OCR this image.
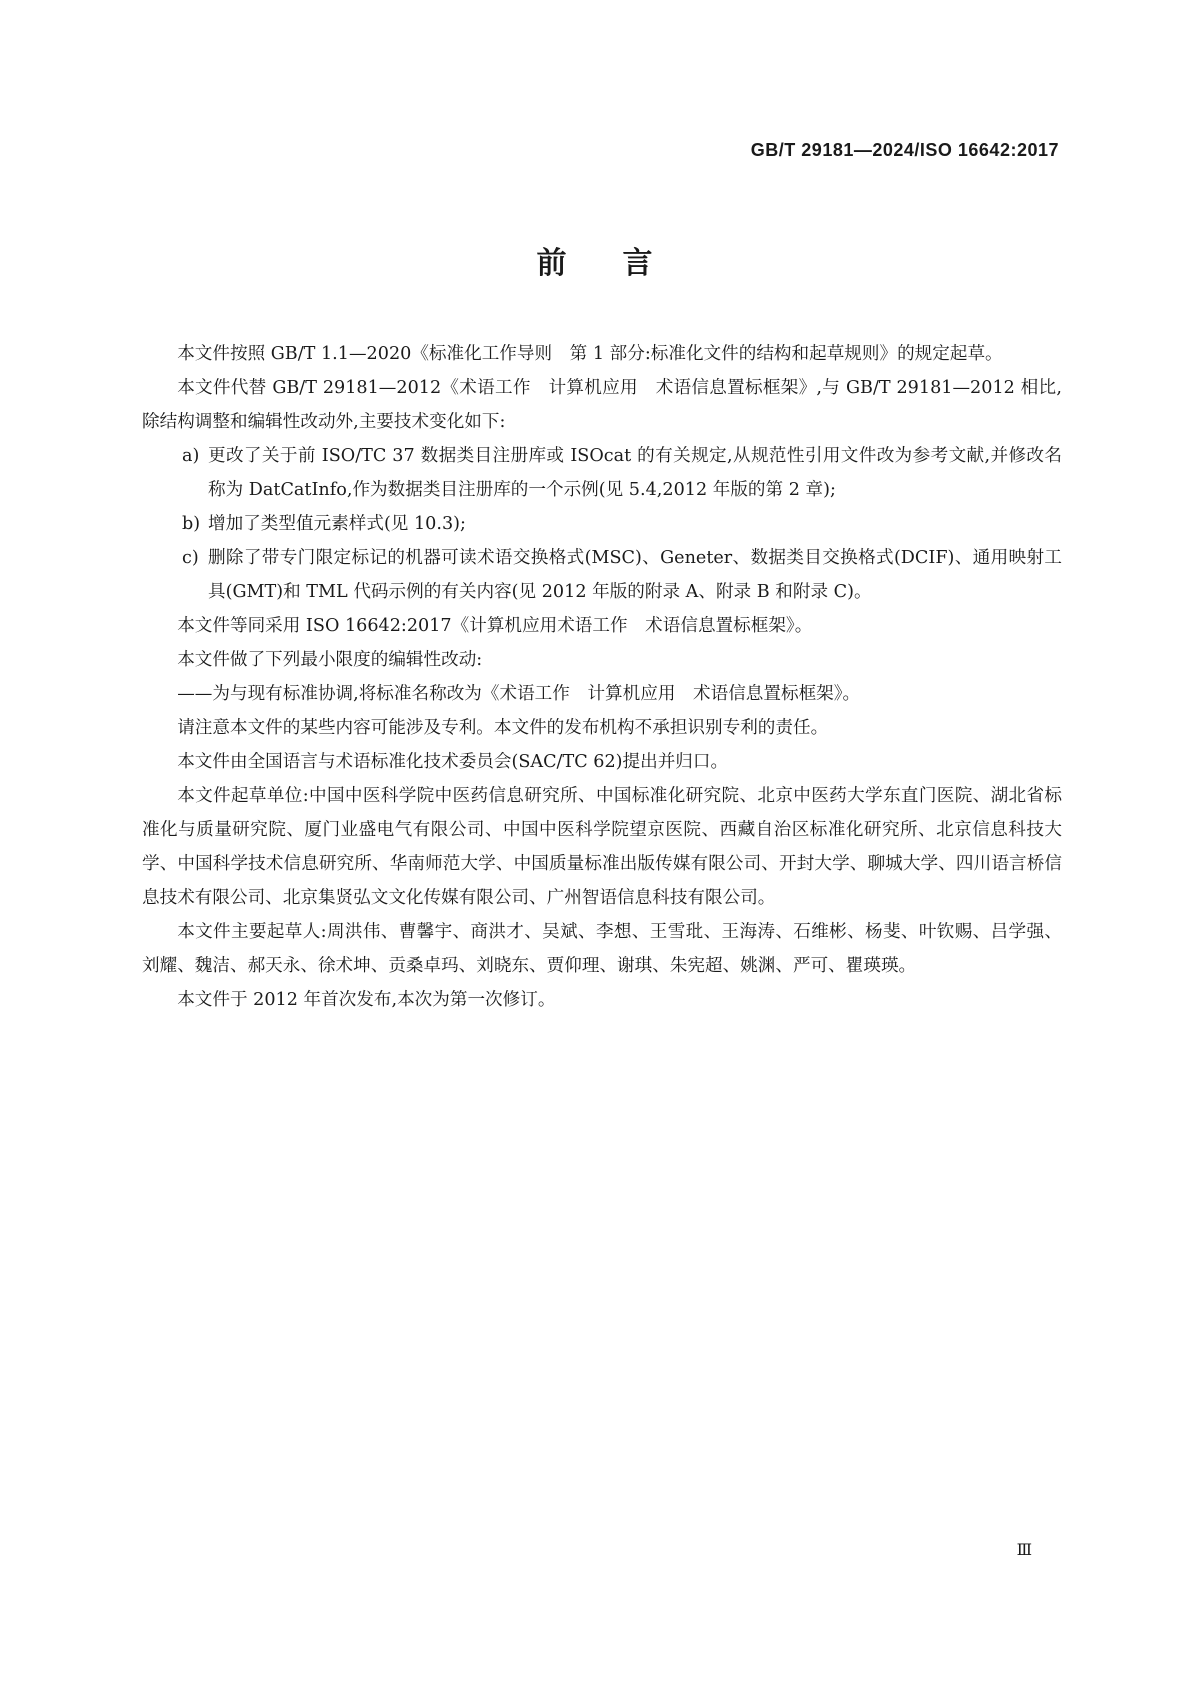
GB/T 29181—2024/ISO 16642:2017
前 言

本文件按照 GB/T 1.1—2020《标准化工作导则　第 1 部分:标准化文件的结构和起草规则》的规定起草。

本文件代替 GB/T 29181—2012《术语工作　计算机应用　术语信息置标框架》,与 GB/T 29181—2012 相比,除结构调整和编辑性改动外,主要技术变化如下:

a) 更改了关于前 ISO/TC 37 数据类目注册库或 ISOcat 的有关规定,从规范性引用文件改为参考文献,并修改名称为 DatCatInfo,作为数据类目注册库的一个示例(见 5.4,2012 年版的第 2 章);
b) 增加了类型值元素样式(见 10.3);
c) 删除了带专门限定标记的机器可读术语交换格式(MSC)、Geneter、数据类目交换格式(DCIF)、通用映射工具(GMT)和 TML 代码示例的有关内容(见 2012 年版的附录 A、附录 B 和附录 C)。

本文件等同采用 ISO 16642:2017《计算机应用术语工作　术语信息置标框架》。

本文件做了下列最小限度的编辑性改动:

——为与现有标准协调,将标准名称改为《术语工作　计算机应用　术语信息置标框架》。

请注意本文件的某些内容可能涉及专利。本文件的发布机构不承担识别专利的责任。

本文件由全国语言与术语标准化技术委员会(SAC/TC 62)提出并归口。

本文件起草单位:中国中医科学院中医药信息研究所、中国标准化研究院、北京中医药大学东直门医院、湖北省标准化与质量研究院、厦门业盛电气有限公司、中国中医科学院望京医院、西藏自治区标准化研究所、北京信息科技大学、中国科学技术信息研究所、华南师范大学、中国质量标准出版传媒有限公司、开封大学、聊城大学、四川语言桥信息技术有限公司、北京集贤弘文文化传媒有限公司、广州智语信息科技有限公司。

本文件主要起草人:周洪伟、曹馨宇、商洪才、吴斌、李想、王雪玭、王海涛、石维彬、杨斐、叶钦赐、吕学强、刘耀、魏洁、郝天永、徐术坤、贡桑卓玛、刘晓东、贾仰理、谢琪、朱宪超、姚渊、严可、瞿瑛瑛。

本文件于 2012 年首次发布,本次为第一次修订。

Ⅲ
